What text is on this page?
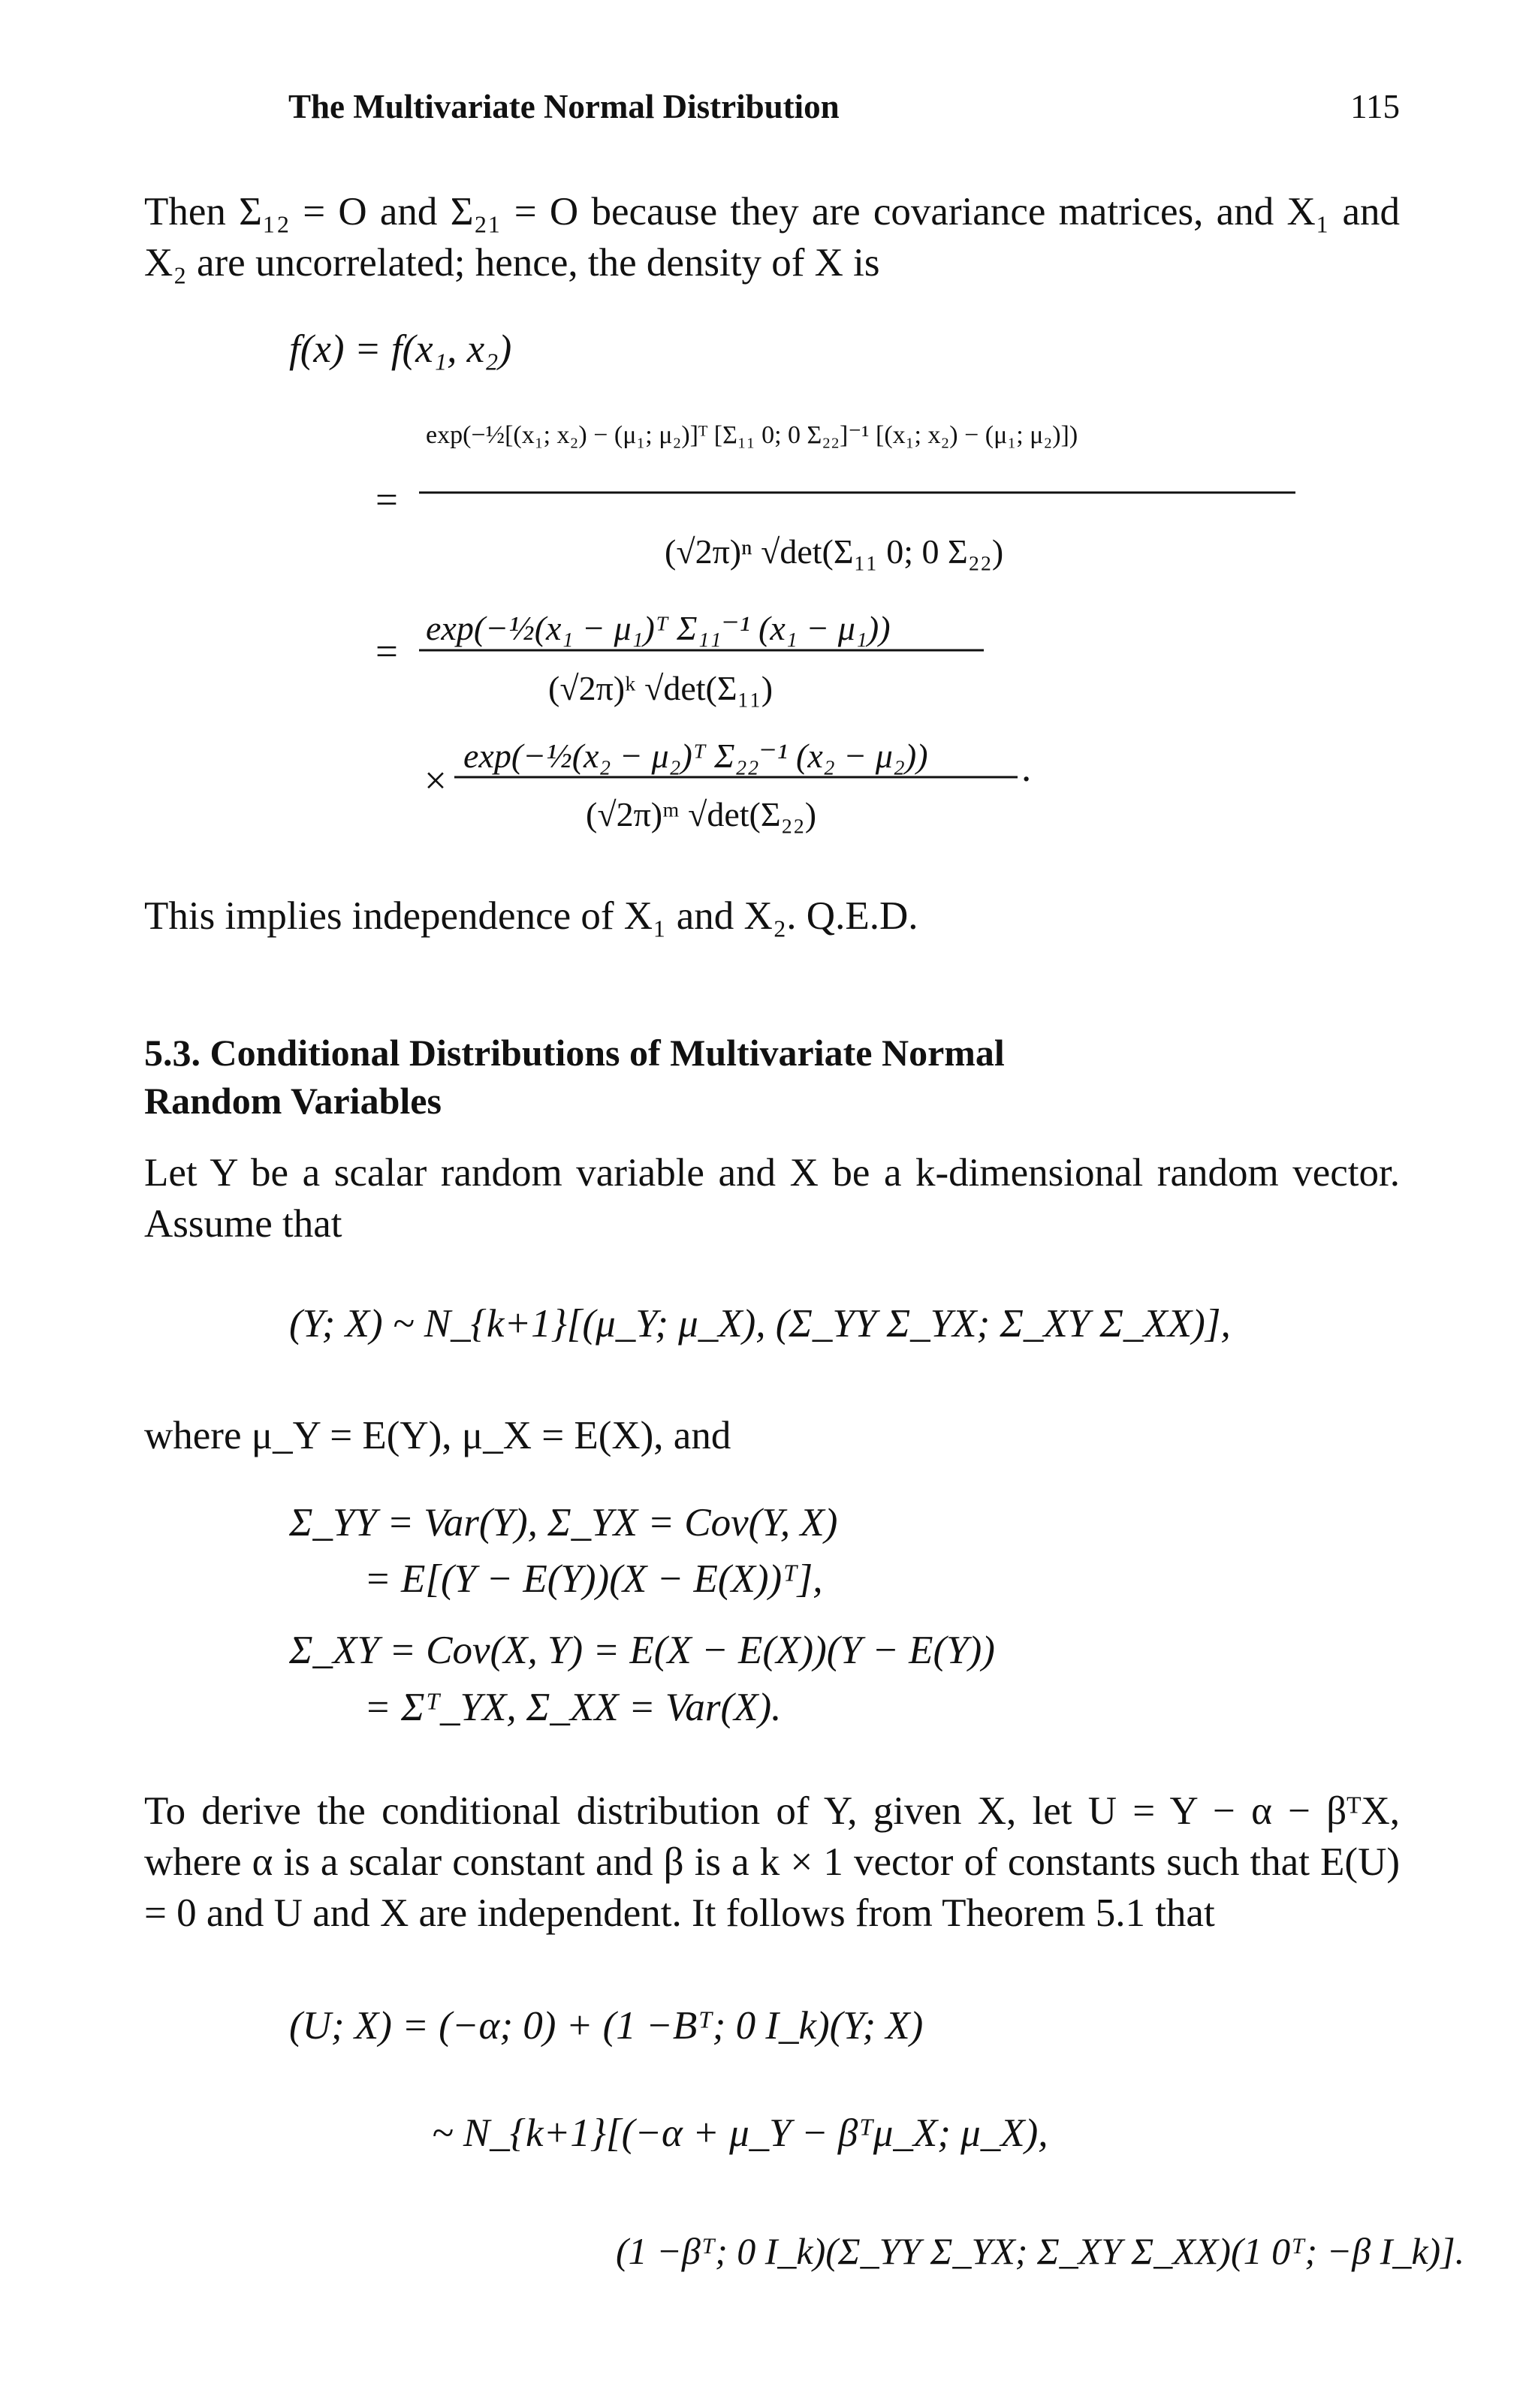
The Multivariate Normal Distribution	115

Then Σ₁₂ = O and Σ₂₁ = O because they are covariance matrices, and X₁ and X₂ are uncorrelated; hence, the density of X is

f(x) = f(x₁, x₂)
=
exp(−½[(x₁; x₂) − (μ₁; μ₂)]ᵀ [Σ₁₁ 0; 0 Σ₂₂]⁻¹ [(x₁; x₂) − (μ₁; μ₂)])
(√2π)ⁿ √det(Σ₁₁ 0; 0 Σ₂₂)
=
exp(−½(x₁ − μ₁)ᵀ Σ₁₁⁻¹ (x₁ − μ₁))
(√2π)ᵏ √det(Σ₁₁)
×
exp(−½(x₂ − μ₂)ᵀ Σ₂₂⁻¹ (x₂ − μ₂))
(√2π)ᵐ √det(Σ₂₂)
.

This implies independence of X₁ and X₂. Q.E.D.

5.3. Conditional Distributions of Multivariate Normal
Random Variables

Let Y be a scalar random variable and X be a k-dimensional random vector. Assume that

(Y; X) ~ N_{k+1}[(μ_Y; μ_X), (Σ_YY Σ_YX; Σ_XY Σ_XX)],

where μ_Y = E(Y), μ_X = E(X), and

Σ_YY = Var(Y), Σ_YX = Cov(Y, X)
= E[(Y − E(Y))(X − E(X))ᵀ],
Σ_XY = Cov(X, Y) = E(X − E(X))(Y − E(Y))
= Σᵀ_YX, Σ_XX = Var(X).

To derive the conditional distribution of Y, given X, let U = Y − α − βᵀX, where α is a scalar constant and β is a k × 1 vector of constants such that E(U) = 0 and U and X are independent. It follows from Theorem 5.1 that

(U; X) = (−α; 0) + (1 −Bᵀ; 0 I_k)(Y; X)
~ N_{k+1}[(−α + μ_Y − βᵀμ_X; μ_X),
(1 −βᵀ; 0 I_k)(Σ_YY Σ_YX; Σ_XY Σ_XX)(1 0ᵀ; −β I_k)].
